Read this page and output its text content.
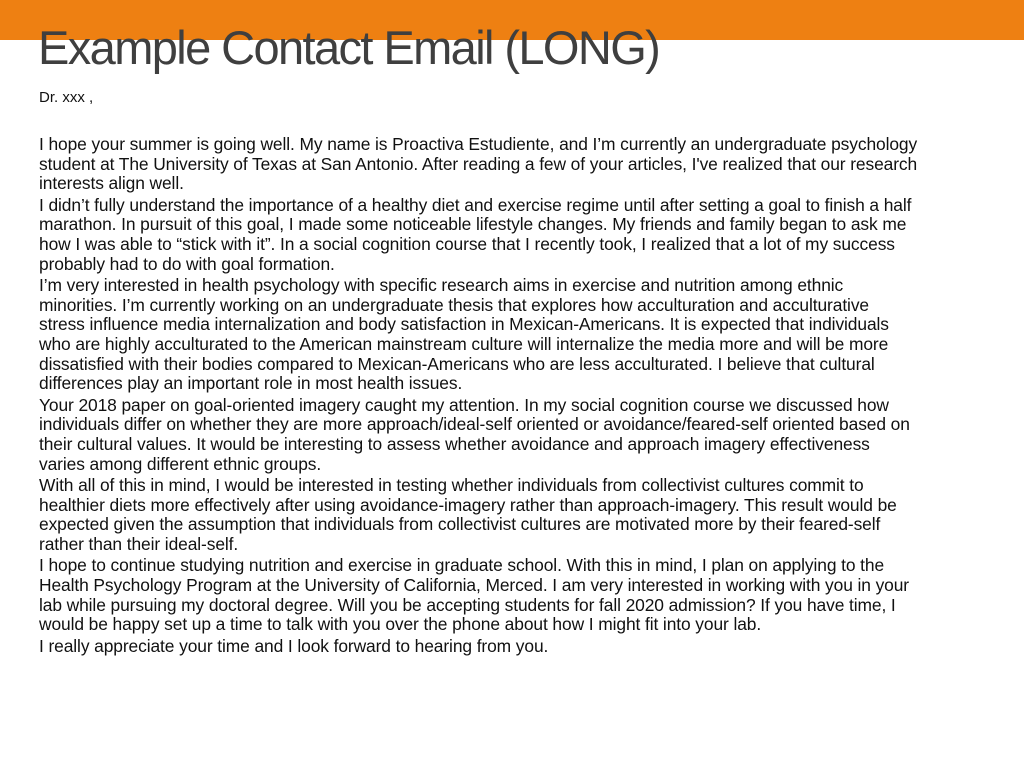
Example Contact Email (LONG)

Dr. xxx ,

I hope your summer is going well. My name is Proactiva Estudiente, and I’m currently an undergraduate psychology student at The University of Texas at San Antonio. After reading a few of your articles, I've realized that our research interests align well.

I didn’t fully understand the importance of a healthy diet and exercise regime until after setting a goal to finish a half marathon. In pursuit of this goal, I made some noticeable lifestyle changes. My friends and family began to ask me how I was able to “stick with it”. In a social cognition course that I recently took, I realized that a lot of my success probably had to do with goal formation.

I’m very interested in health psychology with specific research aims in exercise and nutrition among ethnic minorities. I’m currently working on an undergraduate thesis that explores how acculturation and acculturative stress influence media internalization and body satisfaction in Mexican-Americans. It is expected that individuals who are highly acculturated to the American mainstream culture will internalize the media more and will be more dissatisfied with their bodies compared to Mexican-Americans who are less acculturated. I believe that cultural differences play an important role in most health issues.

Your 2018 paper on goal-oriented imagery caught my attention. In my social cognition course we discussed how individuals differ on whether they are more approach/ideal-self oriented or avoidance/feared-self oriented based on their cultural values. It would be interesting to assess whether avoidance and approach imagery effectiveness varies among different ethnic groups.

With all of this in mind, I would be interested in testing whether individuals from collectivist cultures commit to healthier diets more effectively after using avoidance-imagery rather than approach-imagery. This result would be expected given the assumption that individuals from collectivist cultures are motivated more by their feared-self rather than their ideal-self.

I hope to continue studying nutrition and exercise in graduate school. With this in mind, I plan on applying to the Health Psychology Program at the University of California, Merced. I am very interested in working with you in your lab while pursuing my doctoral degree. Will you be accepting students for fall 2020 admission? If you have time, I would be happy set up a time to talk with you over the phone about how I might fit into your lab.

I really appreciate your time and I look forward to hearing from you.
